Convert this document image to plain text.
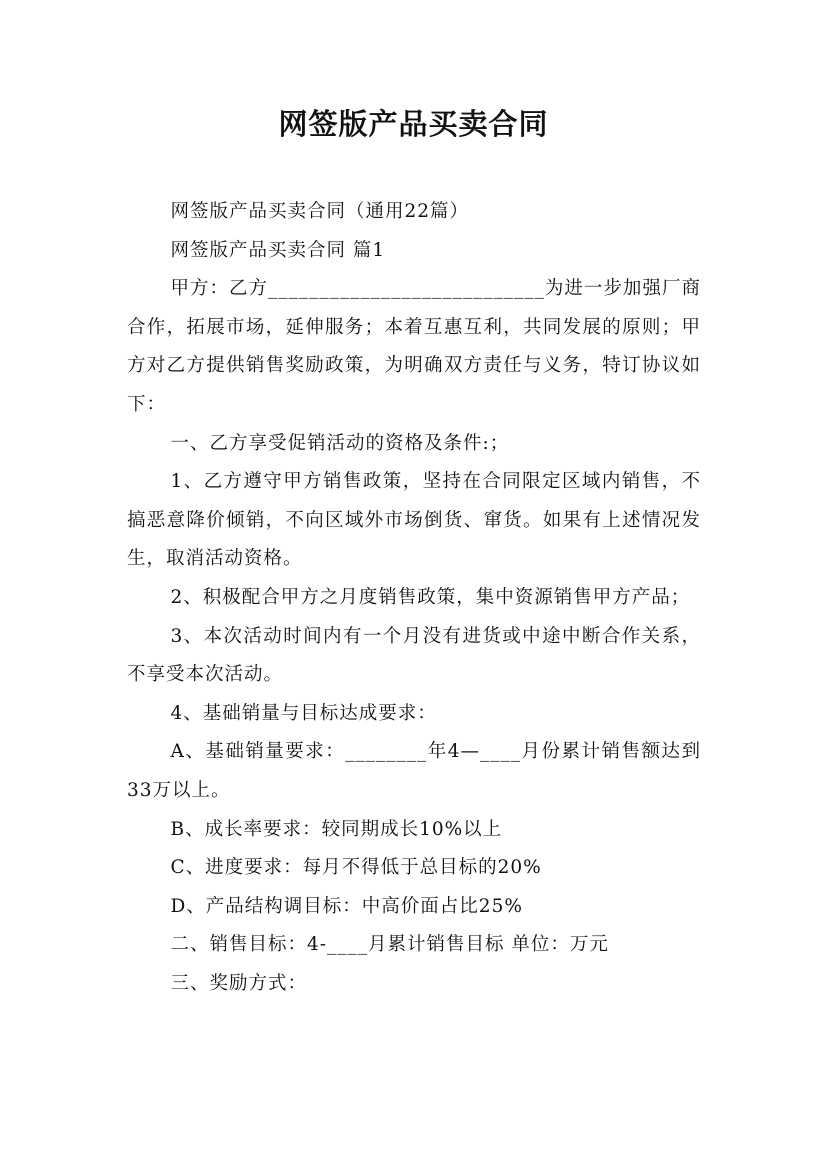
网签版产品买卖合同

网签版产品买卖合同（通用22篇）

网签版产品买卖合同 篇1

甲方：乙方___________________________为进一步加强厂商合作，拓展市场，延伸服务；本着互惠互利，共同发展的原则；甲方对乙方提供销售奖励政策，为明确双方责任与义务，特订协议如下：

一、乙方享受促销活动的资格及条件:；

1、乙方遵守甲方销售政策，坚持在合同限定区域内销售，不搞恶意降价倾销，不向区域外市场倒货、窜货。如果有上述情况发生，取消活动资格。

2、积极配合甲方之月度销售政策，集中资源销售甲方产品；

3、本次活动时间内有一个月没有进货或中途中断合作关系，不享受本次活动。

4、基础销量与目标达成要求：

A、基础销量要求：________年4—____月份累计销售额达到33万以上。

B、成长率要求：较同期成长10%以上

C、进度要求：每月不得低于总目标的20%

D、产品结构调目标：中高价面占比25%

二、销售目标：4-____月累计销售目标 单位：万元

三、奖励方式：
